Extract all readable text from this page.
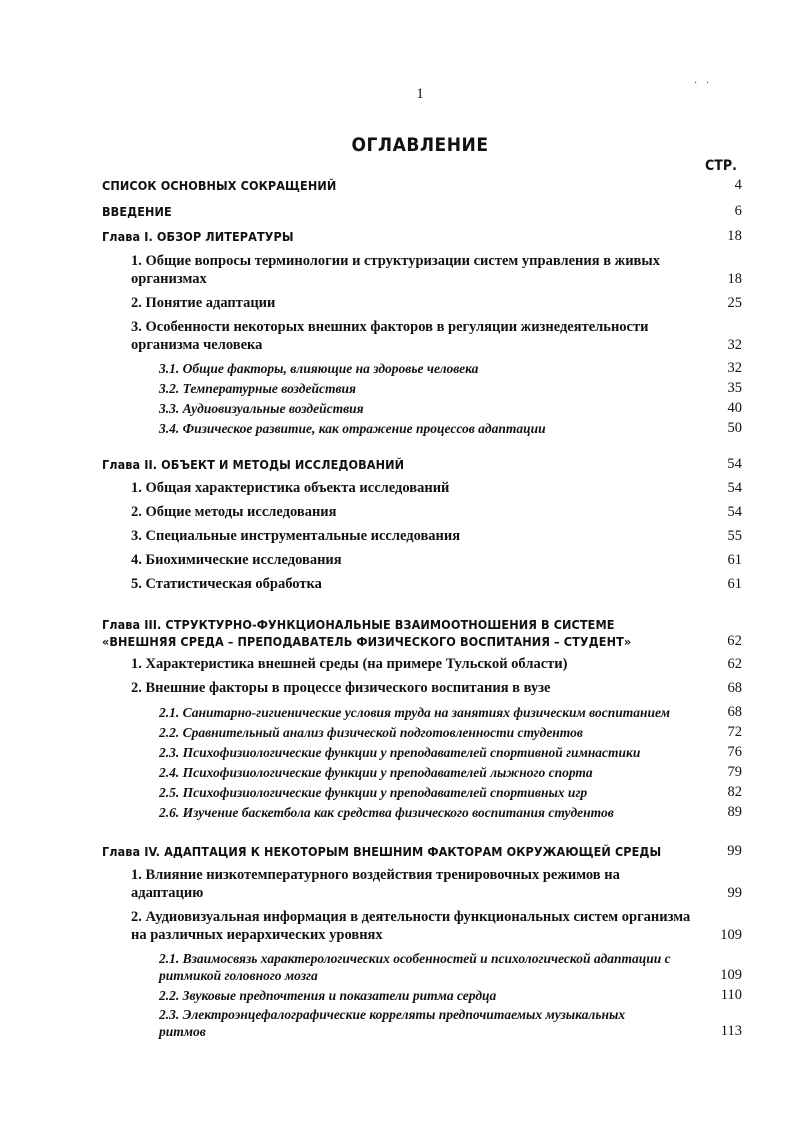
1
· ·
ОГЛАВЛЕНИЕ
СТР.
СПИСОК ОСНОВНЫХ СОКРАЩЕНИЙ	4
ВВЕДЕНИЕ	6
Глава I. ОБЗОР ЛИТЕРАТУРЫ	18
1. Общие вопросы терминологии и структуризации систем управления в живых организмах	18
2. Понятие адаптации	25
3. Особенности некоторых внешних факторов в регуляции жизнедеятельности организма человека	32
3.1. Общие факторы, влияющие на здоровье человека	32
3.2. Температурные воздействия	35
3.3. Аудиовизуальные воздействия	40
3.4. Физическое развитие, как отражение процессов адаптации	50
Глава II. ОБЪЕКТ И МЕТОДЫ ИССЛЕДОВАНИЙ	54
1. Общая характеристика объекта исследований	54
2. Общие методы исследования	54
3. Специальные инструментальные исследования	55
4. Биохимические исследования	61
5. Статистическая обработка	61
Глава III. СТРУКТУРНО-ФУНКЦИОНАЛЬНЫЕ ВЗАИМООТНОШЕНИЯ В СИСТЕМЕ «ВНЕШНЯЯ СРЕДА – ПРЕПОДАВАТЕЛЬ ФИЗИЧЕСКОГО ВОСПИТАНИЯ – СТУДЕНТ»	62
1. Характеристика внешней среды (на примере Тульской области)	62
2. Внешние факторы в процессе физического воспитания в вузе	68
2.1. Санитарно-гигиенические условия труда на занятиях физическим воспитанием	68
2.2. Сравнительный анализ физической подготовленности студентов	72
2.3. Психофизиологические функции у преподавателей спортивной гимнастики	76
2.4. Психофизиологические функции у преподавателей лыжного спорта	79
2.5. Психофизиологические функции у преподавателей спортивных игр	82
2.6. Изучение баскетбола как средства физического воспитания студентов	89
Глава IV. АДАПТАЦИЯ К НЕКОТОРЫМ ВНЕШНИМ ФАКТОРАМ ОКРУЖАЮЩЕЙ СРЕДЫ	99
1. Влияние низкотемпературного воздействия тренировочных режимов на адаптацию	99
2. Аудиовизуальная информация в деятельности функциональных систем организма на различных иерархических уровнях	109
2.1. Взаимосвязь характерологических особенностей и психологической адаптации с ритмикой головного мозга	109
2.2. Звуковые предпочтения и показатели ритма сердца	110
2.3. Электроэнцефалографические корреляты предпочитаемых музыкальных ритмов	113
